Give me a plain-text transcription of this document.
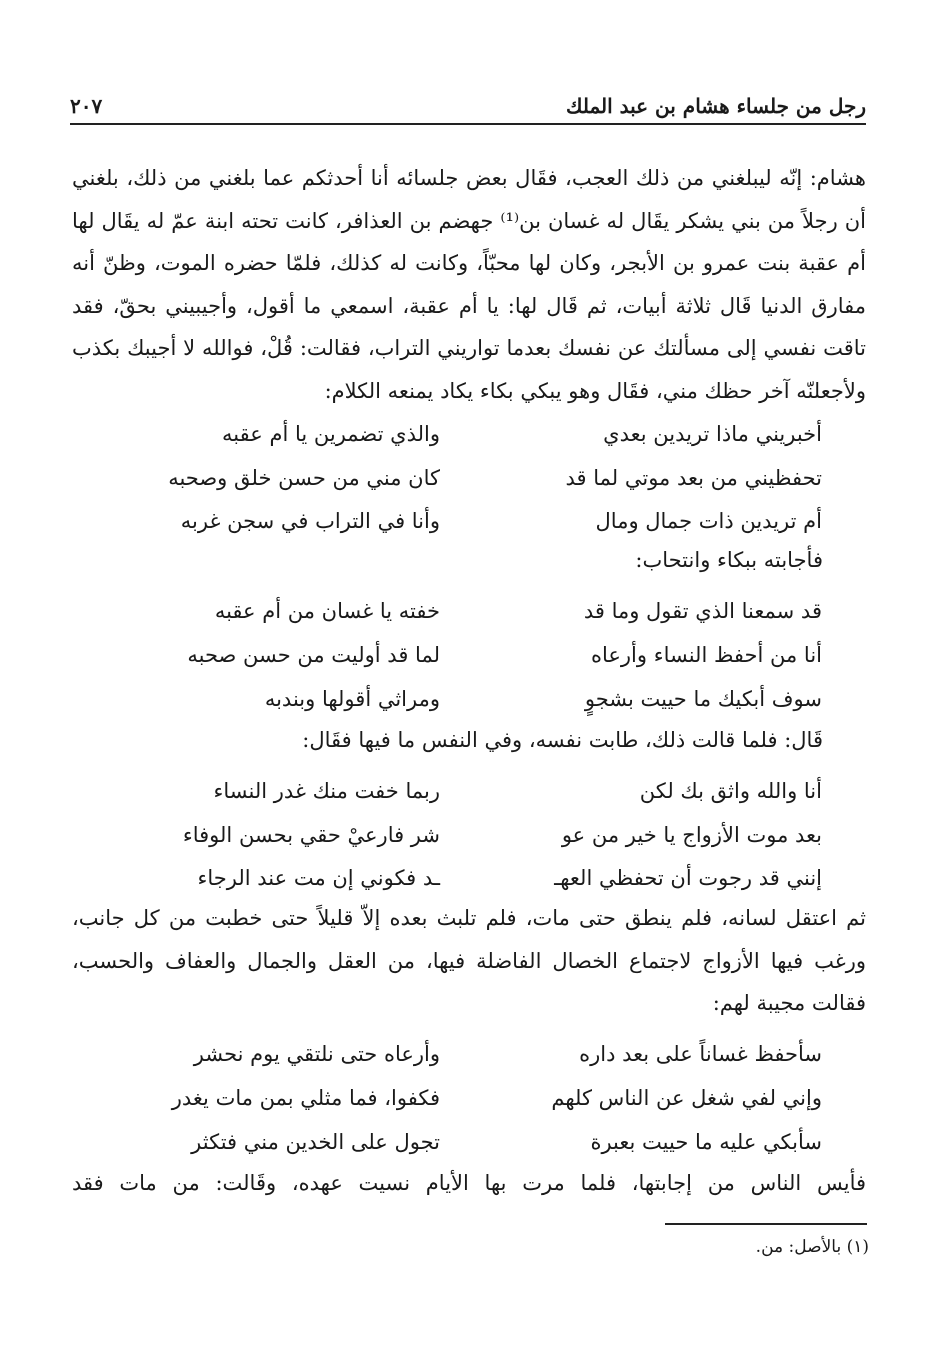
رجل من جلساء هشام بن عبد الملك
٢٠٧

هشام: إنّه ليبلغني من ذلك العجب، فقَال بعض جلسائه أنا أحدثكم عما بلغني من ذلك، بلغني أن رجلاً من بني يشكر يقَال له غسان بن⁽¹⁾ جهضم بن العذافر، كانت تحته ابنة عمّ له يقَال لها أم عقبة بنت عمرو بن الأبجر، وكان لها محبّاً، وكانت له كذلك، فلمّا حضره الموت، وظنّ أنه مفارق الدنيا قَال ثلاثة أبيات، ثم قَال لها: يا أم عقبة، اسمعي ما أقول، وأجيبيني بحقّ، فقد تاقت نفسي إلى مسألتك عن نفسك بعدما تواريني التراب، فقالت: قُلْ، فوالله لا أجيبك بكذب ولأجعلنّه آخر حظك مني، فقَال وهو يبكي بكاء يكاد يمنعه الكلام:

أخبريني ماذا تريدين بعدي
والذي تضمرين يا أم عقبه
تحفظيني من بعد موتي لما قد
كان مني من حسن خلق وصحبه
أم تريدين ذات جمال ومال
وأنا في التراب في سجن غربه
فأجابته ببكاء وانتحاب:
قد سمعنا الذي تقول وما قد
خفته يا غسان من أم عقبه
أنا من أحفظ النساء وأرعاه
لما قد أوليت من حسن صحبه
سوف أبكيك ما حييت بشجوٍ
ومراثي أقولها وبندبه
قَال: فلما قالت ذلك، طابت نفسه، وفي النفس ما فيها فقَال:
أنا والله واثق بك لكن
ربما خفت منك غدر النساء
بعد موت الأزواج يا خير من عو
شر فارعيْ حقي بحسن الوفاء
إنني قد رجوت أن تحفظي العهـ
ـد فكوني إن مت عند الرجاء

ثم اعتقل لسانه، فلم ينطق حتى مات، فلم تلبث بعده إلاّ قليلاً حتى خطبت من كل جانب، ورغب فيها الأزواج لاجتماع الخصال الفاضلة فيها، من العقل والجمال والعفاف والحسب، فقالت مجيبة لهم:

سأحفظ غساناً على بعد داره
وأرعاه حتى نلتقي يوم نحشر
وإني لفي شغل عن الناس كلهم
فكفوا، فما مثلي بمن مات يغدر
سأبكي عليه ما حييت بعبرة
تجول على الخدين مني فتكثر

فأيس الناس من إجابتها، فلما مرت بها الأيام نسيت عهده، وقَالت: من مات فقد

(١) بالأصل: من.
